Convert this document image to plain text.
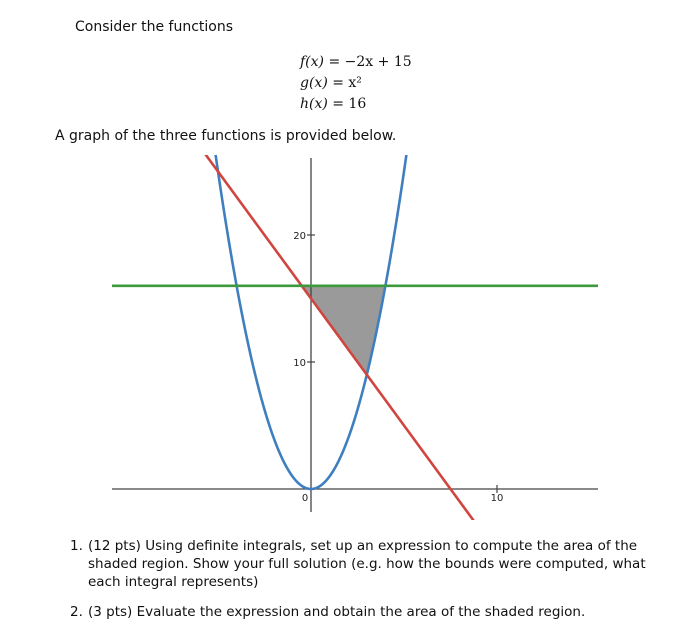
Consider the functions
f(x) = −2x + 15
g(x) = x²
h(x) = 16
A graph of the three functions is provided below.
10
20
0	10
1. (12 pts) Using definite integrals, set up an expression to compute the area of the shaded region. Show your full solution (e.g. how the bounds were computed, what each integral represents)
2. (3 pts) Evaluate the expression and obtain the area of the shaded region.
